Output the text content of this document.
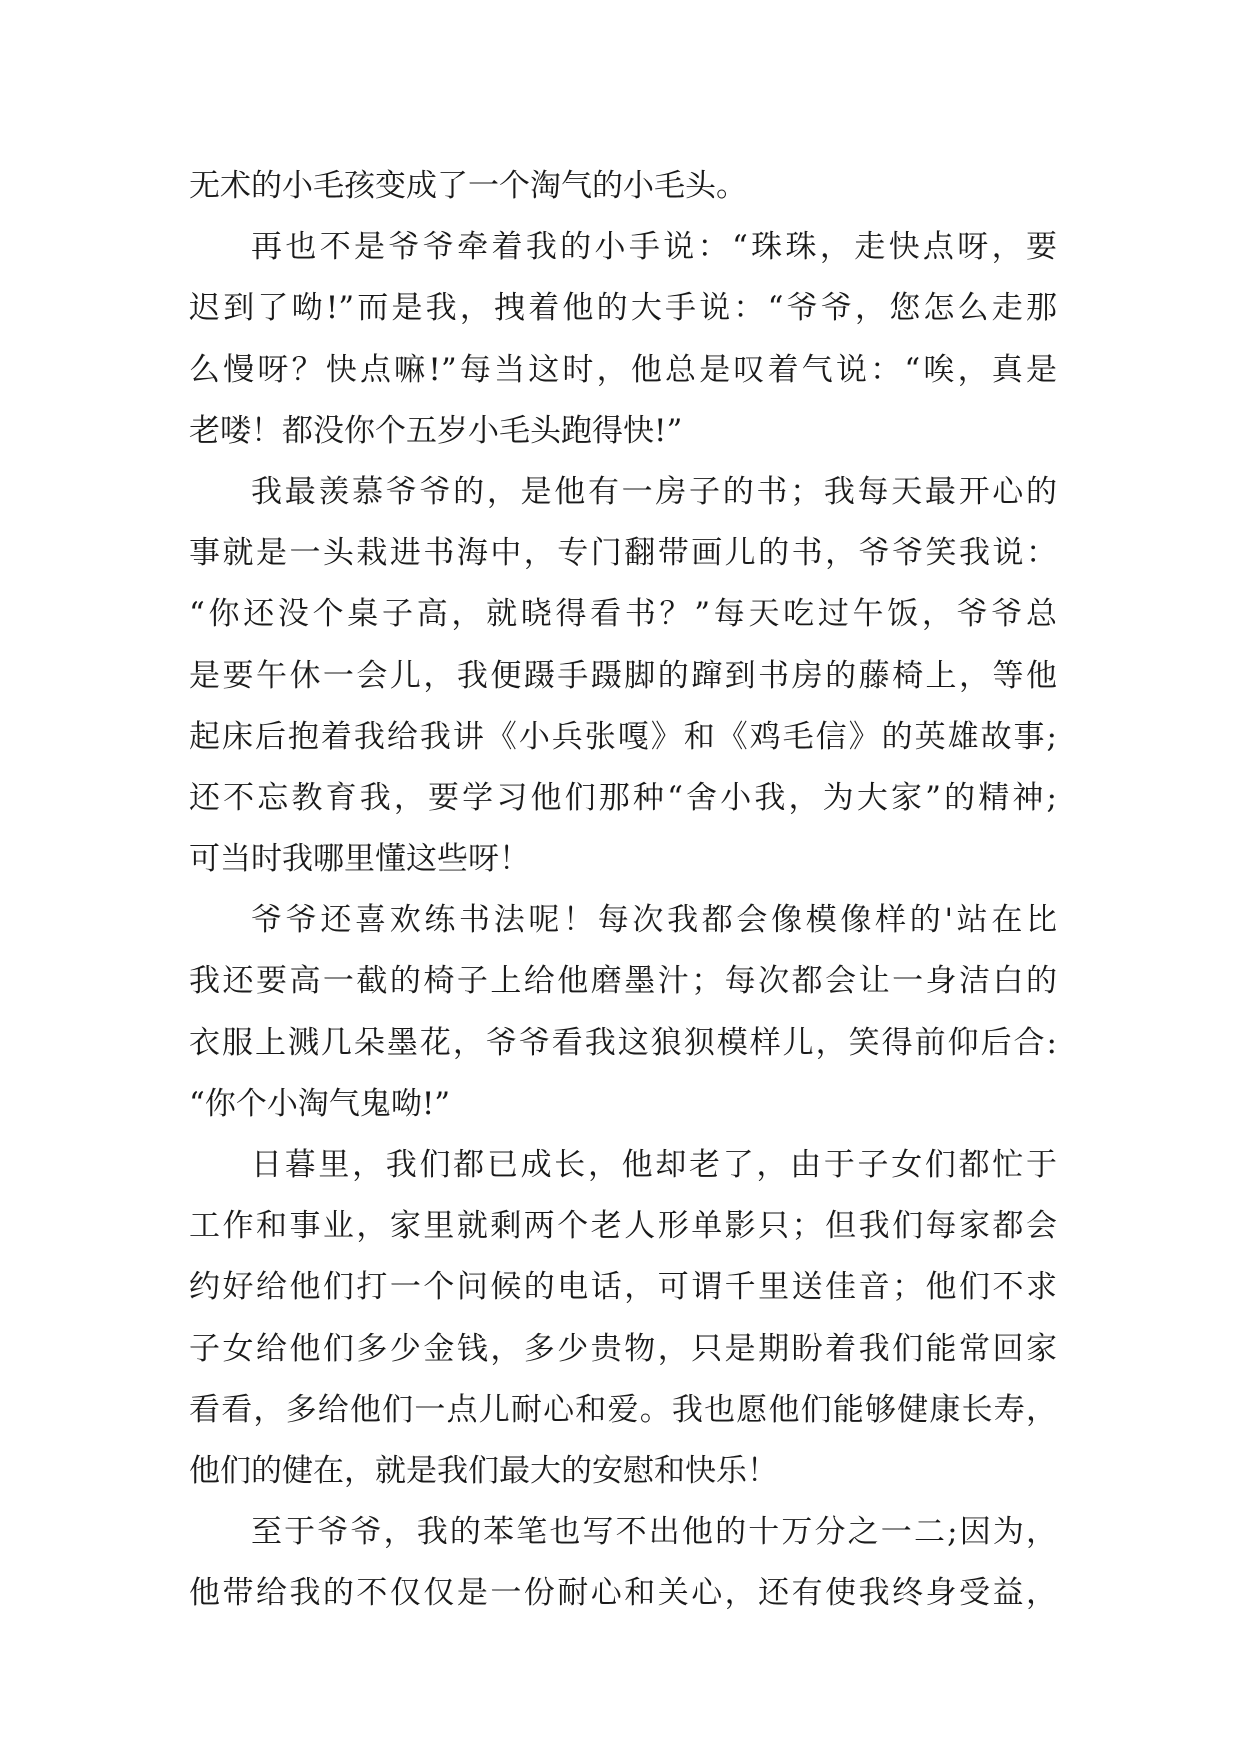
无术的小毛孩变成了一个淘气的小毛头。
再也不是爷爷牵着我的小手说：“珠珠，走快点呀，要
迟到了呦!”而是我，拽着他的大手说：“爷爷，您怎么走那
么慢呀？快点嘛!”每当这时，他总是叹着气说：“唉，真是
老喽！都没你个五岁小毛头跑得快!”
我最羡慕爷爷的，是他有一房子的书；我每天最开心的
事就是一头栽进书海中，专门翻带画儿的书，爷爷笑我说：
“你还没个桌子高，就晓得看书？”每天吃过午饭，爷爷总
是要午休一会儿，我便蹑手蹑脚的蹿到书房的藤椅上，等他
起床后抱着我给我讲《小兵张嘎》和《鸡毛信》的英雄故事;
还不忘教育我，要学习他们那种“舍小我，为大家”的精神;
可当时我哪里懂这些呀！
爷爷还喜欢练书法呢！每次我都会像模像样的'站在比
我还要高一截的椅子上给他磨墨汁；每次都会让一身洁白的
衣服上溅几朵墨花，爷爷看我这狼狈模样儿，笑得前仰后合:
“你个小淘气鬼呦!”
日暮里，我们都已成长，他却老了，由于子女们都忙于
工作和事业，家里就剩两个老人形单影只；但我们每家都会
约好给他们打一个问候的电话，可谓千里送佳音；他们不求
子女给他们多少金钱，多少贵物，只是期盼着我们能常回家
看看，多给他们一点儿耐心和爱。我也愿他们能够健康长寿，
他们的健在，就是我们最大的安慰和快乐！
至于爷爷，我的苯笔也写不出他的十万分之一二;因为，
他带给我的不仅仅是一份耐心和关心，还有使我终身受益，
